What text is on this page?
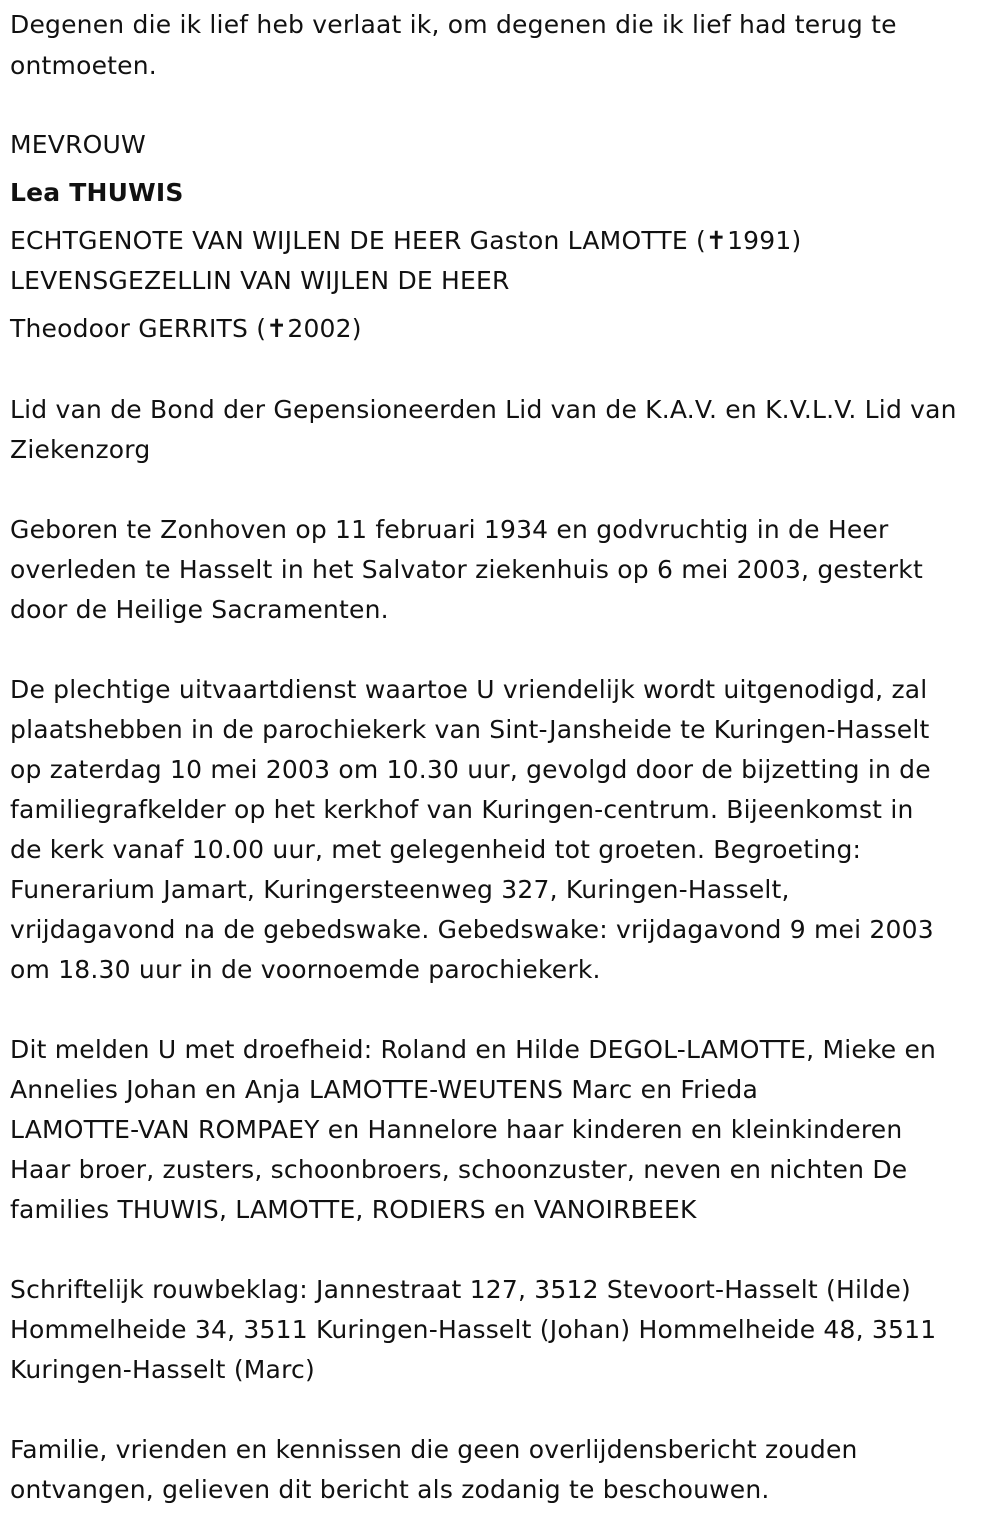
Degenen die ik lief heb verlaat ik, om degenen die ik lief had terug te
ontmoeten.
MEVROUW
Lea THUWIS
ECHTGENOTE VAN WIJLEN DE HEER Gaston LAMOTTE (✝1991)
LEVENSGEZELLIN VAN WIJLEN DE HEER
Theodoor GERRITS (✝2002)
Lid van de Bond der Gepensioneerden Lid van de K.A.V. en K.V.L.V. Lid van
Ziekenzorg
Geboren te Zonhoven op 11 februari 1934 en godvruchtig in de Heer
overleden te Hasselt in het Salvator ziekenhuis op 6 mei 2003, gesterkt
door de Heilige Sacramenten.
De plechtige uitvaartdienst waartoe U vriendelijk wordt uitgenodigd, zal
plaatshebben in de parochiekerk van Sint-Jansheide te Kuringen-Hasselt
op zaterdag 10 mei 2003 om 10.30 uur, gevolgd door de bijzetting in de
familiegrafkelder op het kerkhof van Kuringen-centrum. Bijeenkomst in
de kerk vanaf 10.00 uur, met gelegenheid tot groeten. Begroeting:
Funerarium Jamart, Kuringersteenweg 327, Kuringen-Hasselt,
vrijdagavond na de gebedswake. Gebedswake: vrijdagavond 9 mei 2003
om 18.30 uur in de voornoemde parochiekerk.
Dit melden U met droefheid: Roland en Hilde DEGOL-LAMOTTE, Mieke en
Annelies Johan en Anja LAMOTTE-WEUTENS Marc en Frieda
LAMOTTE-VAN ROMPAEY en Hannelore haar kinderen en kleinkinderen
Haar broer, zusters, schoonbroers, schoonzuster, neven en nichten De
families THUWIS, LAMOTTE, RODIERS en VANOIRBEEK
Schriftelijk rouwbeklag: Jannestraat 127, 3512 Stevoort-Hasselt (Hilde)
Hommelheide 34, 3511 Kuringen-Hasselt (Johan) Hommelheide 48, 3511
Kuringen-Hasselt (Marc)
Familie, vrienden en kennissen die geen overlijdensbericht zouden
ontvangen, gelieven dit bericht als zodanig te beschouwen.
